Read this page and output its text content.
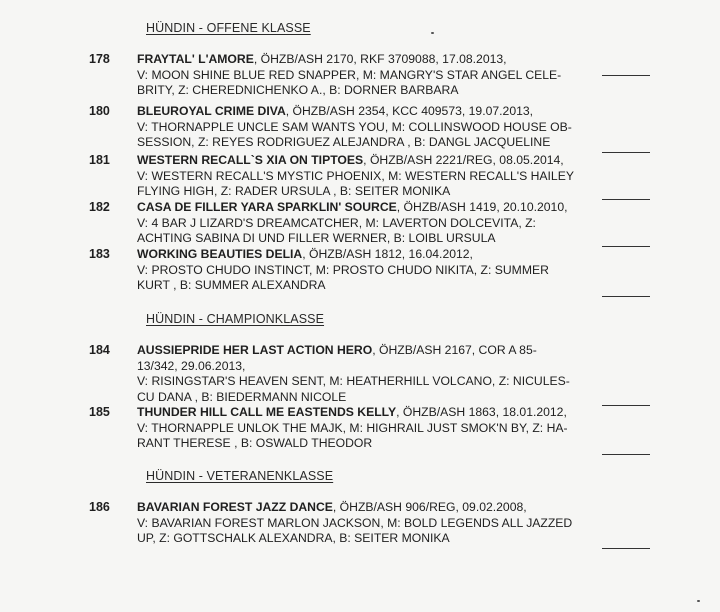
HÜNDIN - OFFENE KLASSE
178 FRAYTAL' L'AMORE, ÖHZB/ASH 2170, RKF 3709088, 17.08.2013,
V: MOON SHINE BLUE RED SNAPPER, M: MANGRY'S STAR ANGEL CELE-
BRITY, Z: CHEREDNICHENKO A., B: DORNER BARBARA
180 BLEUROYAL CRIME DIVA, ÖHZB/ASH 2354, KCC 409573, 19.07.2013,
V: THORNAPPLE UNCLE SAM WANTS YOU, M: COLLINSWOOD HOUSE OB-
SESSION, Z: REYES RODRIGUEZ ALEJANDRA , B: DANGL JACQUELINE
181 WESTERN RECALL`S XIA ON TIPTOES, ÖHZB/ASH 2221/REG, 08.05.2014,
V: WESTERN RECALL'S MYSTIC PHOENIX, M: WESTERN RECALL'S HAILEY
FLYING HIGH, Z: RADER URSULA , B: SEITER MONIKA
182 CASA DE FILLER YARA SPARKLIN' SOURCE, ÖHZB/ASH 1419, 20.10.2010,
V: 4 BAR J LIZARD'S DREAMCATCHER, M: LAVERTON DOLCEVITA, Z:
ACHTING SABINA DI UND FILLER WERNER, B: LOIBL URSULA
183 WORKING BEAUTIES DELIA, ÖHZB/ASH 1812, 16.04.2012,
V: PROSTO CHUDO INSTINCT, M: PROSTO CHUDO NIKITA, Z: SUMMER
KURT , B: SUMMER ALEXANDRA
HÜNDIN - CHAMPIONKLASSE
184 AUSSIEPRIDE HER LAST ACTION HERO, ÖHZB/ASH 2167, COR A 85-
13/342, 29.06.2013,
V: RISINGSTAR'S HEAVEN SENT, M: HEATHERHILL VOLCANO, Z: NICULES-
CU DANA , B: BIEDERMANN NICOLE
185 THUNDER HILL CALL ME EASTENDS KELLY, ÖHZB/ASH 1863, 18.01.2012,
V: THORNAPPLE UNLOK THE MAJK, M: HIGHRAIL JUST SMOK'N BY, Z: HA-
RANT THERESE , B: OSWALD THEODOR
HÜNDIN - VETERANENKLASSE
186 BAVARIAN FOREST JAZZ DANCE, ÖHZB/ASH 906/REG, 09.02.2008,
V: BAVARIAN FOREST MARLON JACKSON, M: BOLD LEGENDS ALL JAZZED
UP, Z: GOTTSCHALK ALEXANDRA, B: SEITER MONIKA
